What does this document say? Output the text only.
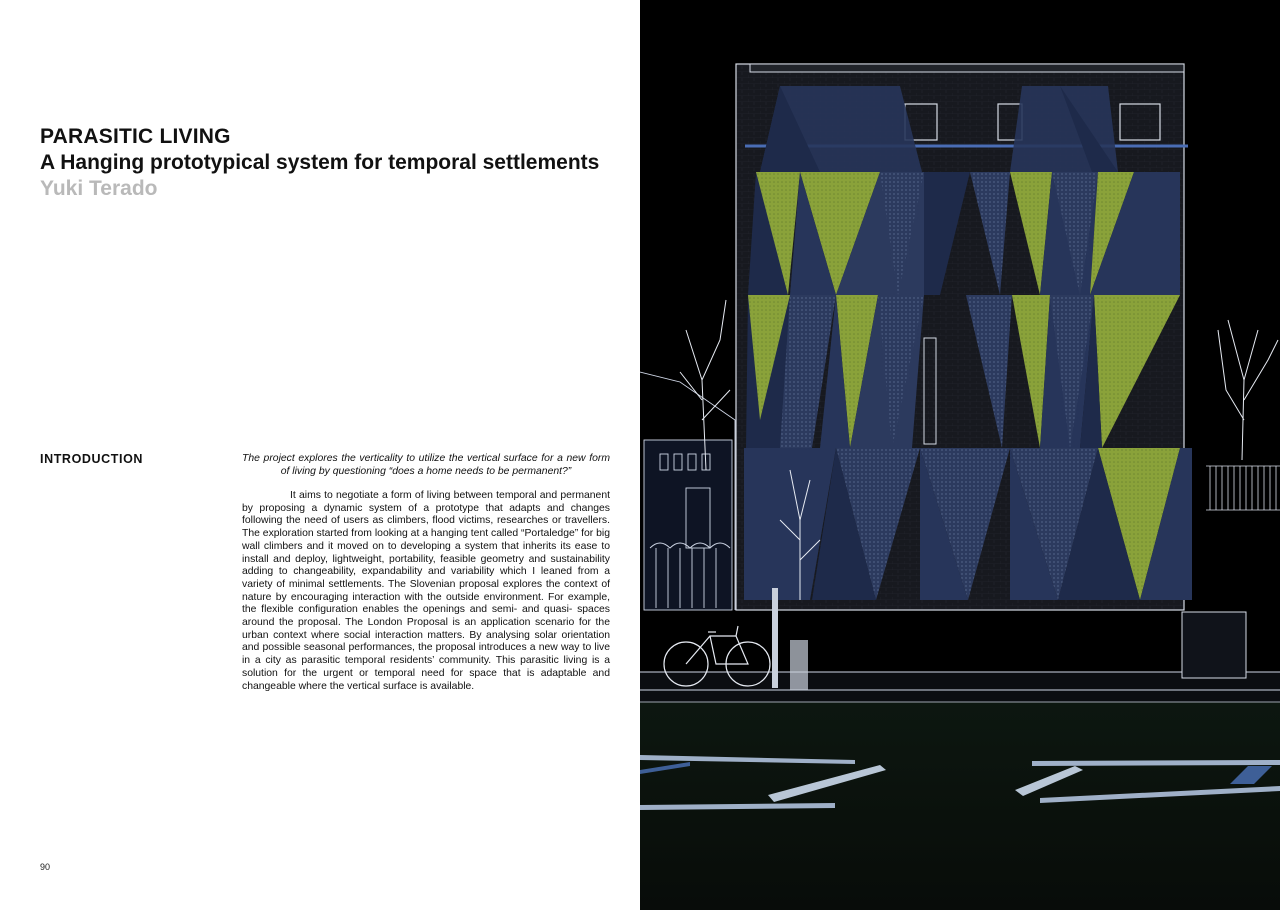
PARASITIC LIVING
A Hanging prototypical system for temporal settlements
Yuki Terado
INTRODUCTION	The project explores the verticality to utilize the vertical surface for a new form of living by questioning “does a home needs to be permanent?”

It aims to negotiate a form of living between temporal and permanent by proposing a dynamic system of a prototype that adapts and changes following the need of users as climbers, flood victims, researches or travellers. The exploration started from looking at a hanging tent called “Portaledge” for big wall climbers and it moved on to developing a system that inherits its ease to install and deploy, lightweight, portability, feasible geometry and sustainability adding to changeability, expandability and variability which I leaned from a variety of minimal settlements. The Slovenian proposal explores the context of nature by encouraging interaction with the outside environment. For example, the flexible configuration enables the openings and semi- and quasi- spaces around the proposal. The London Proposal is an application scenario for the urban context where social interaction matters. By analysing solar orientation and possible seasonal performances, the proposal introduces a new way to live in a city as parasitic temporal residents’ community. This parasitic living is a solution for the urgent or temporal need for space that is adaptable and changeable where the vertical surface is available.

90
